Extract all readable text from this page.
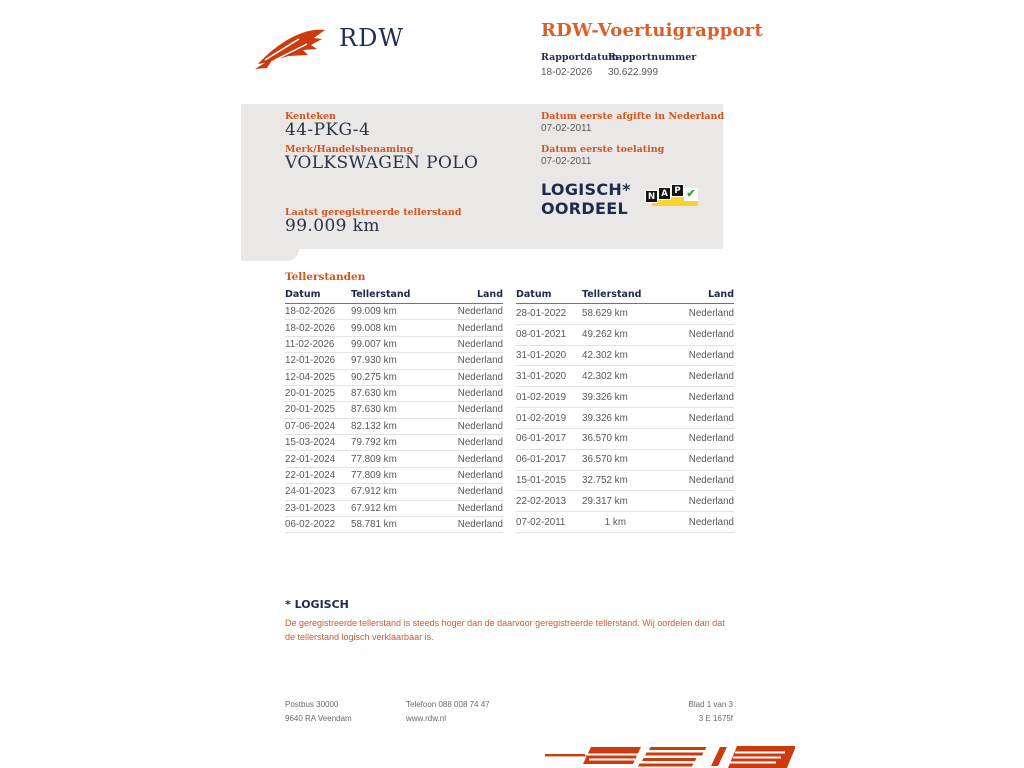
RDW	RDW-Voertuigrapport
Rapportdatum
18-02-2026
Rapportnummer
30.622.999
Kenteken
44-PKG-4
Merk/Handelsbenaming
VOLKSWAGEN POLO
Laatst geregistreerde tellerstand
99.009 km
Datum eerste afgifte in Nederland
07-02-2011
Datum eerste toelating
07-02-2011
LOGISCH*
OORDEEL
N A P ✔
Tellerstanden
Datum	Tellerstand	Land
18-02-2026	99.009 km	Nederland
18-02-2026	99.008 km	Nederland
11-02-2026	99.007 km	Nederland
12-01-2026	97.930 km	Nederland
12-04-2025	90.275 km	Nederland
20-01-2025	87.630 km	Nederland
20-01-2025	87.630 km	Nederland
07-06-2024	82.132 km	Nederland
15-03-2024	79.792 km	Nederland
22-01-2024	77.809 km	Nederland
22-01-2024	77.809 km	Nederland
24-01-2023	67.912 km	Nederland
23-01-2023	67.912 km	Nederland
06-02-2022	58.781 km	Nederland
Datum	Tellerstand	Land
28-01-2022	58.629 km	Nederland
08-01-2021	49.262 km	Nederland
31-01-2020	42.302 km	Nederland
31-01-2020	42.302 km	Nederland
01-02-2019	39.326 km	Nederland
01-02-2019	39.326 km	Nederland
06-01-2017	36.570 km	Nederland
06-01-2017	36.570 km	Nederland
15-01-2015	32.752 km	Nederland
22-02-2013	29.317 km	Nederland
07-02-2011	1 km	Nederland
* LOGISCH
De geregistreerde tellerstand is steeds hoger dan de daarvoor geregistreerde tellerstand. Wij oordelen dan dat de tellerstand logisch verklaarbaar is.
Postbus 30000
9640 RA Veendam
Telefoon 088 008 74 47
www.rdw.nl
Blad 1 van 3
3 E 1675f
